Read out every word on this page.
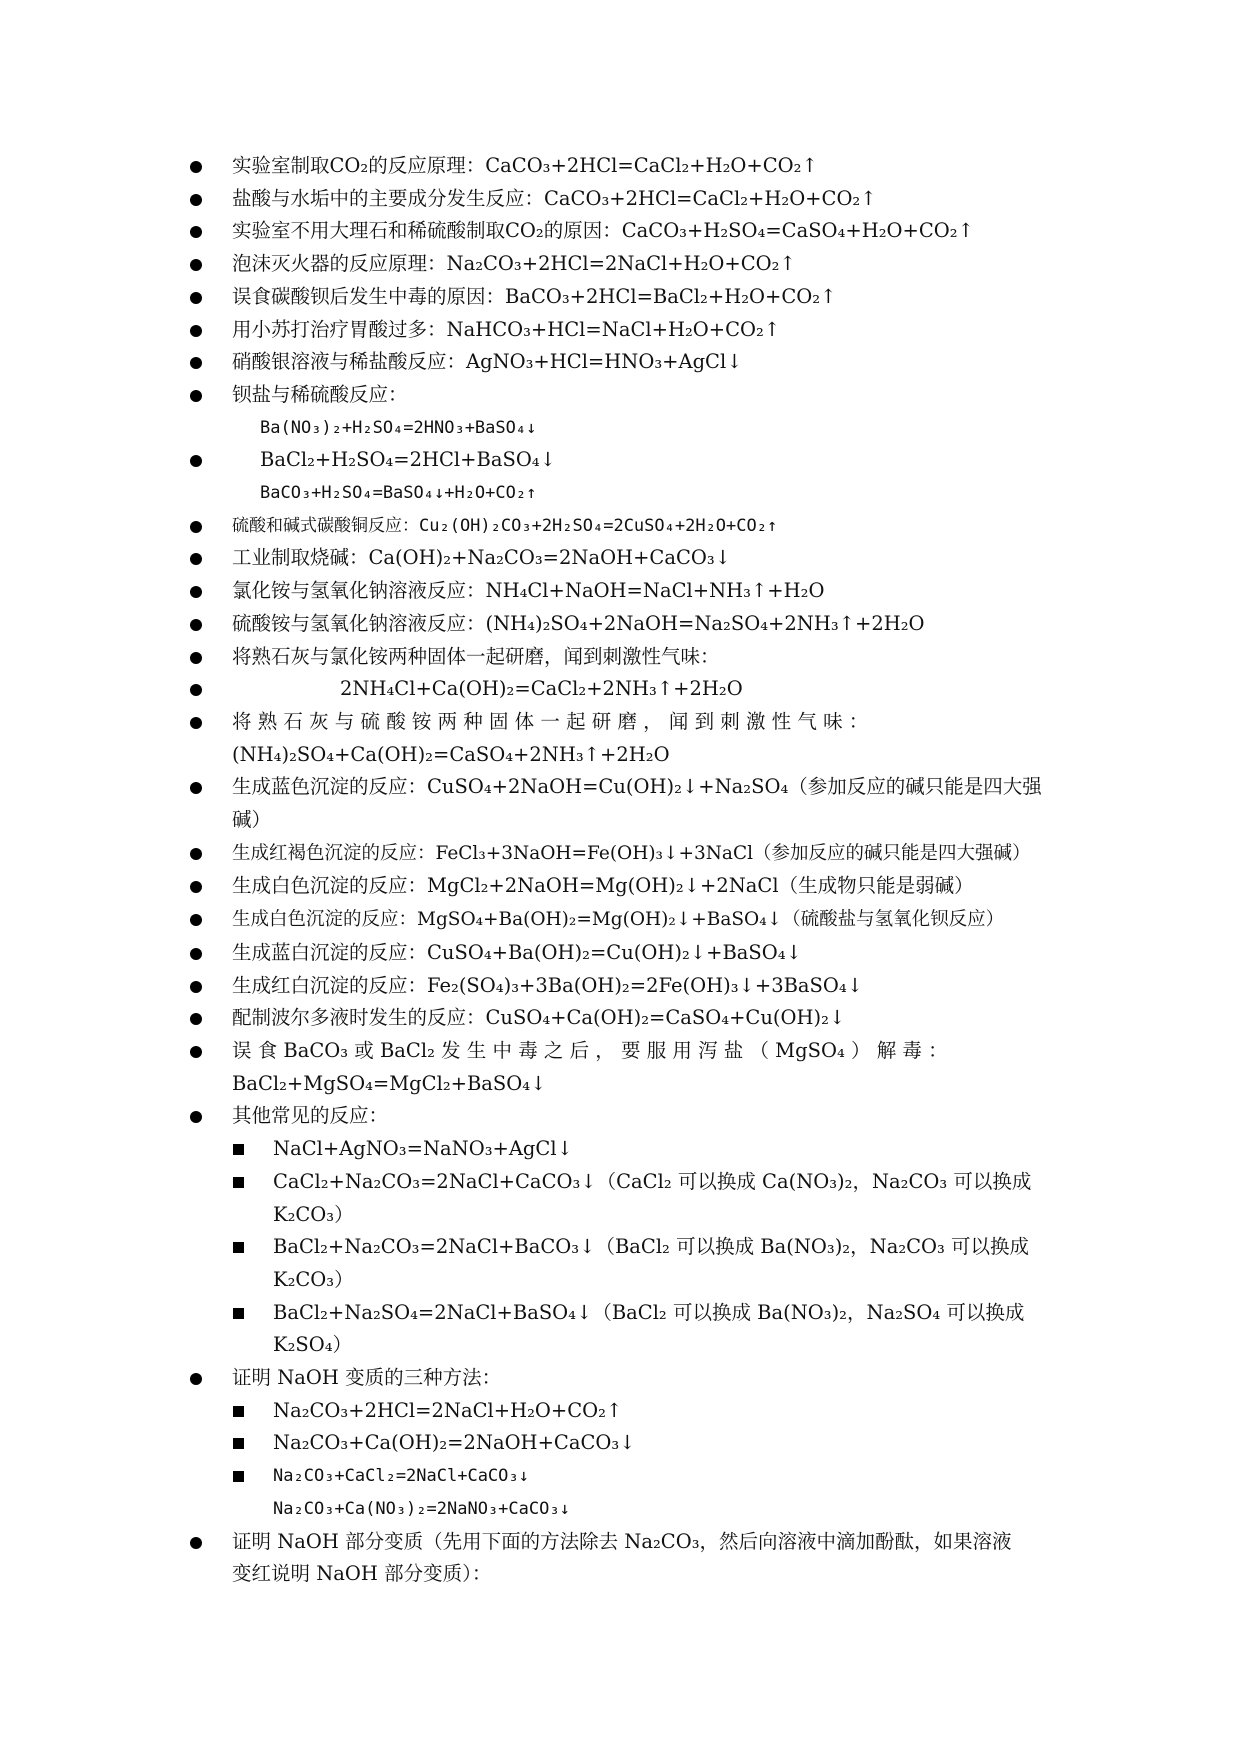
实验室制取CO₂的反应原理：CaCO₃+2HCl=CaCl₂+H₂O+CO₂↑
盐酸与水垢中的主要成分发生反应：CaCO₃+2HCl=CaCl₂+H₂O+CO₂↑
实验室不用大理石和稀硫酸制取CO₂的原因：CaCO₃+H₂SO₄=CaSO₄+H₂O+CO₂↑
泡沫灭火器的反应原理：Na₂CO₃+2HCl=2NaCl+H₂O+CO₂↑
误食碳酸钡后发生中毒的原因：BaCO₃+2HCl=BaCl₂+H₂O+CO₂↑
用小苏打治疗胃酸过多：NaHCO₃+HCl=NaCl+H₂O+CO₂↑
硝酸银溶液与稀盐酸反应：AgNO₃+HCl=HNO₃+AgCl↓
钡盐与稀硫酸反应：
Ba(NO₃)₂+H₂SO₄=2HNO₃+BaSO₄↓
BaCl₂+H₂SO₄=2HCl+BaSO₄↓
BaCO₃+H₂SO₄=BaSO₄↓+H₂O+CO₂↑
硫酸和碱式碳酸铜反应：Cu₂(OH)₂CO₃+2H₂SO₄=2CuSO₄+2H₂O+CO₂↑
工业制取烧碱：Ca(OH)₂+Na₂CO₃=2NaOH+CaCO₃↓
氯化铵与氢氧化钠溶液反应：NH₄Cl+NaOH=NaCl+NH₃↑+H₂O
硫酸铵与氢氧化钠溶液反应：(NH₄)₂SO₄+2NaOH=Na₂SO₄+2NH₃↑+2H₂O
将熟石灰与氯化铵两种固体一起研磨，闻到刺激性气味：
2NH₄Cl+Ca(OH)₂=CaCl₂+2NH₃↑+2H₂O
将 熟 石 灰 与 硫 酸 铵 两 种 固 体 一 起 研 磨 ， 闻 到 刺 激 性 气 味 ：
(NH₄)₂SO₄+Ca(OH)₂=CaSO₄+2NH₃↑+2H₂O
生成蓝色沉淀的反应：CuSO₄+2NaOH=Cu(OH)₂↓+Na₂SO₄（参加反应的碱只能是四大强
碱）
生成红褐色沉淀的反应：FeCl₃+3NaOH=Fe(OH)₃↓+3NaCl（参加反应的碱只能是四大强碱）
生成白色沉淀的反应：MgCl₂+2NaOH=Mg(OH)₂↓+2NaCl（生成物只能是弱碱）
生成白色沉淀的反应：MgSO₄+Ba(OH)₂=Mg(OH)₂↓+BaSO₄↓（硫酸盐与氢氧化钡反应）
生成蓝白沉淀的反应：CuSO₄+Ba(OH)₂=Cu(OH)₂↓+BaSO₄↓
生成红白沉淀的反应：Fe₂(SO₄)₃+3Ba(OH)₂=2Fe(OH)₃↓+3BaSO₄↓
配制波尔多液时发生的反应：CuSO₄+Ca(OH)₂=CaSO₄+Cu(OH)₂↓
误 食 BaCO₃ 或 BaCl₂ 发 生 中 毒 之 后 ， 要 服 用 泻 盐 （ MgSO₄ ） 解 毒 ：
BaCl₂+MgSO₄=MgCl₂+BaSO₄↓
其他常见的反应：
NaCl+AgNO₃=NaNO₃+AgCl↓
CaCl₂+Na₂CO₃=2NaCl+CaCO₃↓（CaCl₂ 可以换成 Ca(NO₃)₂，Na₂CO₃ 可以换成
K₂CO₃）
BaCl₂+Na₂CO₃=2NaCl+BaCO₃↓（BaCl₂ 可以换成 Ba(NO₃)₂，Na₂CO₃ 可以换成
K₂CO₃）
BaCl₂+Na₂SO₄=2NaCl+BaSO₄↓（BaCl₂ 可以换成 Ba(NO₃)₂，Na₂SO₄ 可以换成
K₂SO₄）
证明 NaOH 变质的三种方法：
Na₂CO₃+2HCl=2NaCl+H₂O+CO₂↑
Na₂CO₃+Ca(OH)₂=2NaOH+CaCO₃↓
Na₂CO₃+CaCl₂=2NaCl+CaCO₃↓
Na₂CO₃+Ca(NO₃)₂=2NaNO₃+CaCO₃↓
证明 NaOH 部分变质（先用下面的方法除去 Na₂CO₃，然后向溶液中滴加酚酞，如果溶液
变红说明 NaOH 部分变质）：
